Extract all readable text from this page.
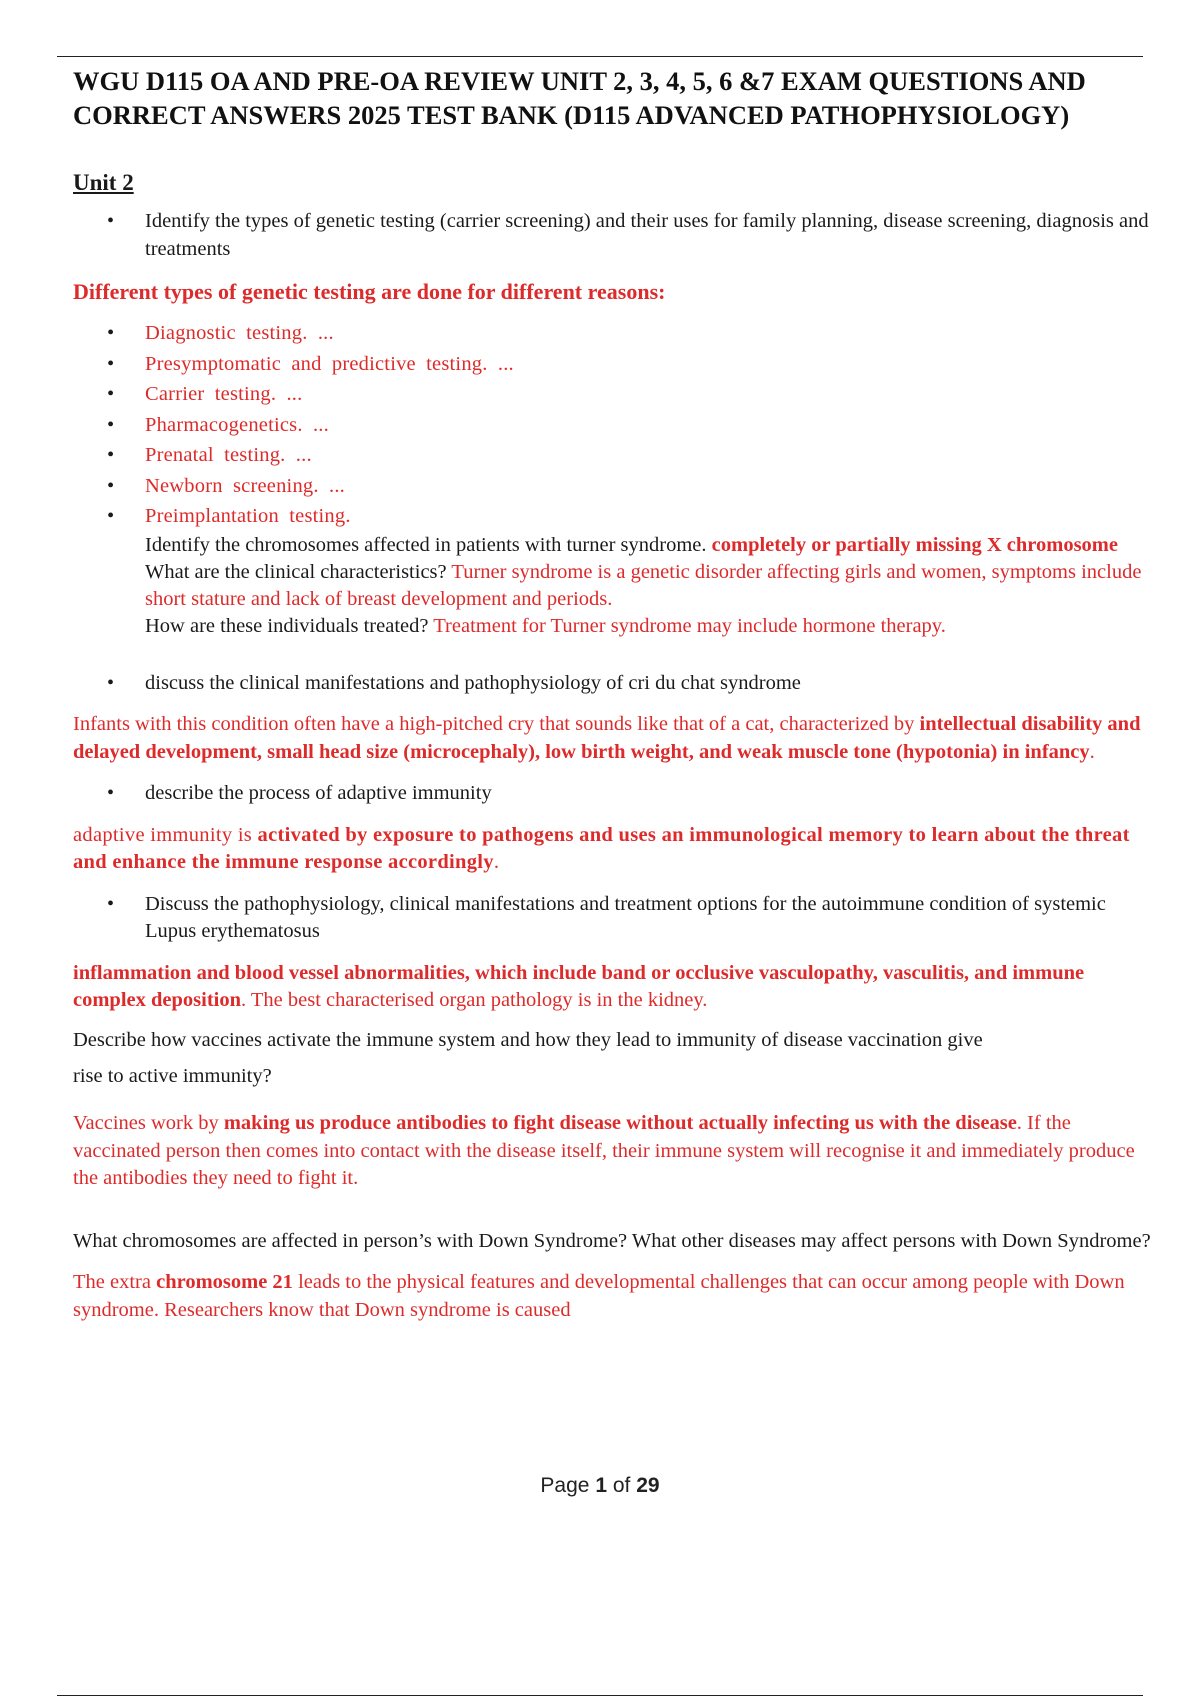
WGU D115 OA AND PRE-OA REVIEW UNIT 2, 3, 4, 5, 6 &7 EXAM QUESTIONS AND CORRECT ANSWERS 2025 TEST BANK (D115 ADVANCED PATHOPHYSIOLOGY)
Unit 2
• Identify the types of genetic testing (carrier screening) and their uses for family planning, disease screening, diagnosis and treatments
Different types of genetic testing are done for different reasons:
• Diagnostic testing. ...
• Presymptomatic and predictive testing. ...
• Carrier testing. ...
• Pharmacogenetics. ...
• Prenatal testing. ...
• Newborn screening. ...
• Preimplantation testing.

Identify the chromosomes affected in patients with turner syndrome. completely or partially missing X chromosome

What are the clinical characteristics? Turner syndrome is a genetic disorder affecting girls and women, symptoms include short stature and lack of breast development and periods.

How are these individuals treated? Treatment for Turner syndrome may include hormone therapy.

• discuss the clinical manifestations and pathophysiology of cri du chat syndrome

Infants with this condition often have a high-pitched cry that sounds like that of a cat, characterized by intellectual disability and delayed development, small head size (microcephaly), low birth weight, and weak muscle tone (hypotonia) in infancy.

• describe the process of adaptive immunity

adaptive immunity is activated by exposure to pathogens and uses an immunological memory to learn about the threat and enhance the immune response accordingly.

• Discuss the pathophysiology, clinical manifestations and treatment options for the autoimmune condition of systemic Lupus erythematosus

inflammation and blood vessel abnormalities, which include band or occlusive vasculopathy, vasculitis, and immune complex deposition. The best characterised organ pathology is in the kidney.

Describe how vaccines activate the immune system and how they lead to immunity of disease vaccination give
rise to active immunity?

Vaccines work by making us produce antibodies to fight disease without actually infecting us with the disease. If the vaccinated person then comes into contact with the disease itself, their immune system will recognise it and immediately produce the antibodies they need to fight it.

What chromosomes are affected in person’s with Down Syndrome? What other diseases may affect persons with Down Syndrome?

The extra chromosome 21 leads to the physical features and developmental challenges that can occur among people with Down syndrome. Researchers know that Down syndrome is caused

Page 1 of 29
